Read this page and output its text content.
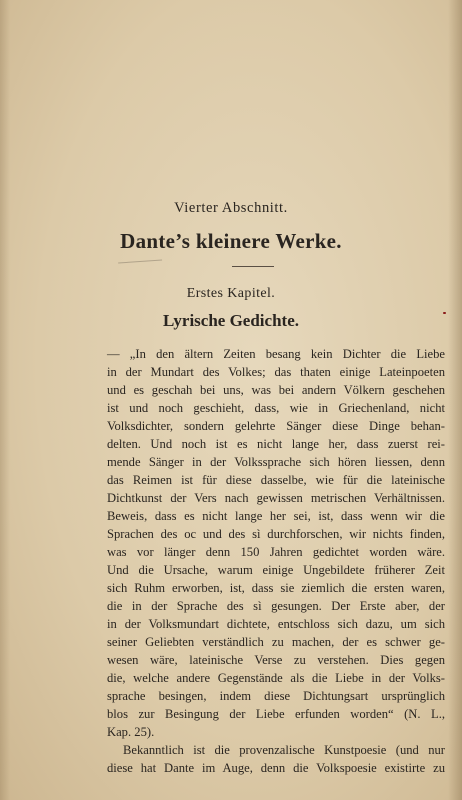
Vierter Abschnitt.
Dante’s kleinere Werke.
Erstes Kapitel.
Lyrische Gedichte.
— „In den ältern Zeiten besang kein Dichter die Liebe
in der Mundart des Volkes; das thaten einige Lateinpoeten
und es geschah bei uns, was bei andern Völkern geschehen
ist und noch geschieht, dass, wie in Griechenland, nicht
Volksdichter, sondern gelehrte Sänger diese Dinge behan-
delten. Und noch ist es nicht lange her, dass zuerst rei-
mende Sänger in der Volkssprache sich hören liessen, denn
das Reimen ist für diese dasselbe, wie für die lateinische
Dichtkunst der Vers nach gewissen metrischen Verhältnissen.
Beweis, dass es nicht lange her sei, ist, dass wenn wir die
Sprachen des oc und des sì durchforschen, wir nichts finden,
was vor länger denn 150 Jahren gedichtet worden wäre.
Und die Ursache, warum einige Ungebildete früherer Zeit
sich Ruhm erworben, ist, dass sie ziemlich die ersten waren,
die in der Sprache des sì gesungen. Der Erste aber, der
in der Volksmundart dichtete, entschloss sich dazu, um sich
seiner Geliebten verständlich zu machen, der es schwer ge-
wesen wäre, lateinische Verse zu verstehen. Dies gegen
die, welche andere Gegenstände als die Liebe in der Volks-
sprache besingen, indem diese Dichtungsart ursprünglich
blos zur Besingung der Liebe erfunden worden“ (N. L.,
Kap. 25).
Bekanntlich ist die provenzalische Kunstpoesie (und nur
diese hat Dante im Auge, denn die Volkspoesie existirte zu
